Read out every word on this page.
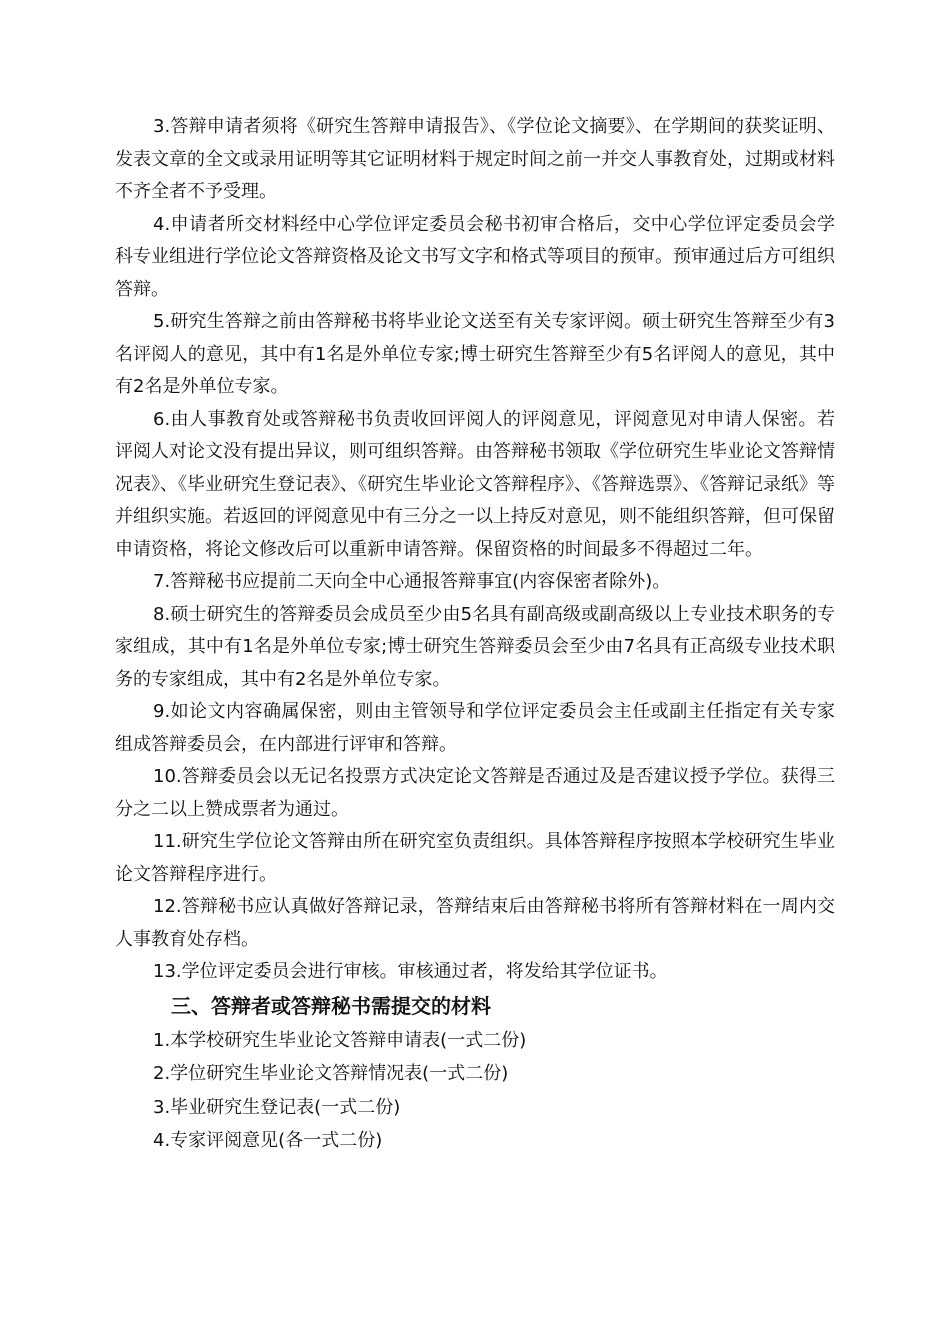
3.答辩申请者须将《研究生答辩申请报告》、《学位论文摘要》、在学期间的获奖证明、发表文章的全文或录用证明等其它证明材料于规定时间之前一并交人事教育处，过期或材料不齐全者不予受理。

4.申请者所交材料经中心学位评定委员会秘书初审合格后，交中心学位评定委员会学科专业组进行学位论文答辩资格及论文书写文字和格式等项目的预审。预审通过后方可组织答辩。

5.研究生答辩之前由答辩秘书将毕业论文送至有关专家评阅。硕士研究生答辩至少有3名评阅人的意见，其中有1名是外单位专家;博士研究生答辩至少有5名评阅人的意见，其中有2名是外单位专家。

6.由人事教育处或答辩秘书负责收回评阅人的评阅意见，评阅意见对申请人保密。若评阅人对论文没有提出异议，则可组织答辩。由答辩秘书领取《学位研究生毕业论文答辩情况表》、《毕业研究生登记表》、《研究生毕业论文答辩程序》、《答辩选票》、《答辩记录纸》等并组织实施。若返回的评阅意见中有三分之一以上持反对意见，则不能组织答辩，但可保留申请资格，将论文修改后可以重新申请答辩。保留资格的时间最多不得超过二年。

7.答辩秘书应提前二天向全中心通报答辩事宜(内容保密者除外)。

8.硕士研究生的答辩委员会成员至少由5名具有副高级或副高级以上专业技术职务的专家组成，其中有1名是外单位专家;博士研究生答辩委员会至少由7名具有正高级专业技术职务的专家组成，其中有2名是外单位专家。

9.如论文内容确属保密，则由主管领导和学位评定委员会主任或副主任指定有关专家组成答辩委员会，在内部进行评审和答辩。

10.答辩委员会以无记名投票方式决定论文答辩是否通过及是否建议授予学位。获得三分之二以上赞成票者为通过。

11.研究生学位论文答辩由所在研究室负责组织。具体答辩程序按照本学校研究生毕业论文答辩程序进行。

12.答辩秘书应认真做好答辩记录，答辩结束后由答辩秘书将所有答辩材料在一周内交人事教育处存档。

13.学位评定委员会进行审核。审核通过者，将发给其学位证书。

三、答辩者或答辩秘书需提交的材料

1.本学校研究生毕业论文答辩申请表(一式二份)

2.学位研究生毕业论文答辩情况表(一式二份)

3.毕业研究生登记表(一式二份)

4.专家评阅意见(各一式二份)
